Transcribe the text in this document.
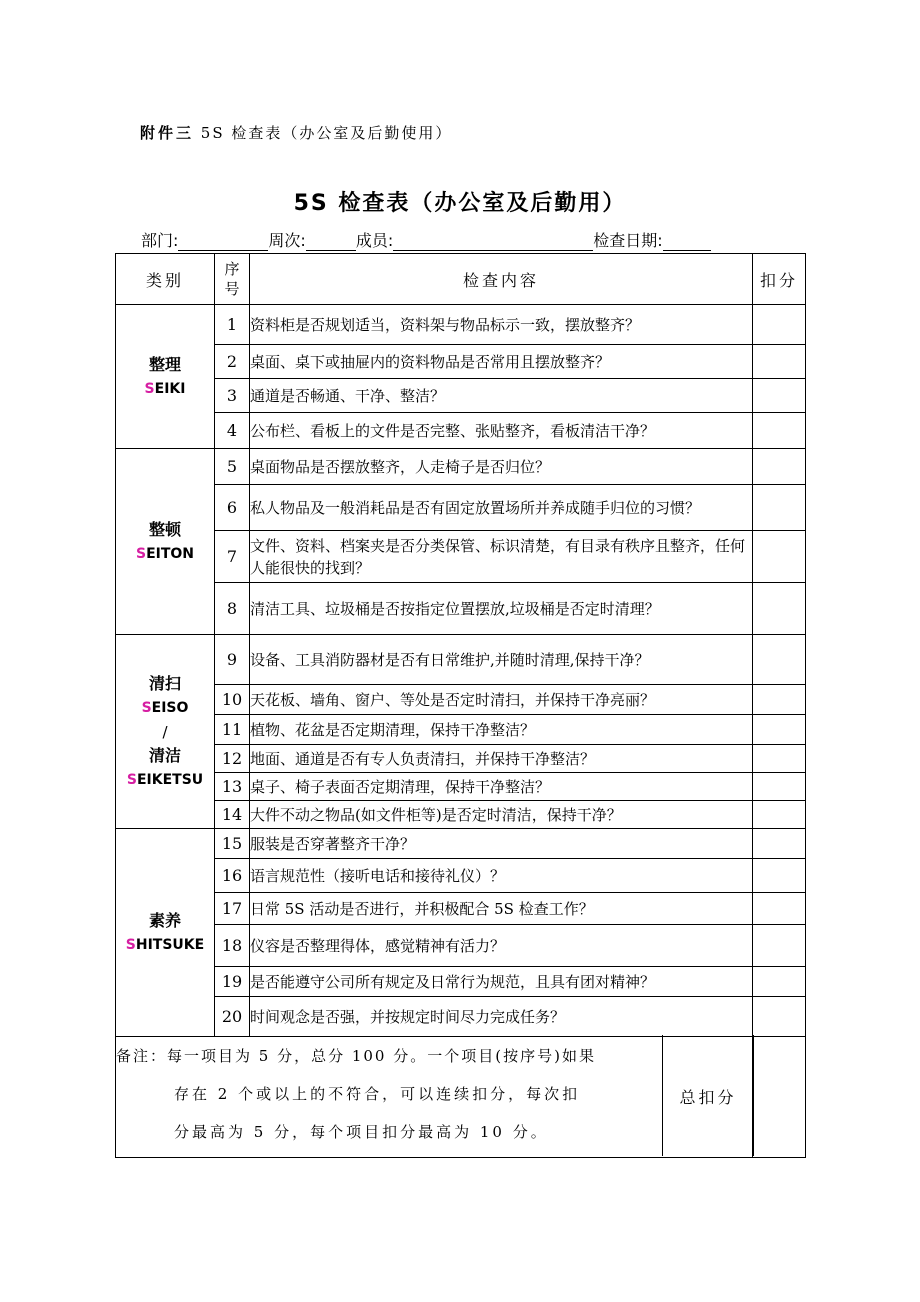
附件三 5S 检查表（办公室及后勤使用）
5S 检查表（办公室及后勤用）
部门:	周次:	成员:	检查日期:
类别	序号	检查内容	扣分

整理
SEIKI	1	资料柜是否规划适当，资料架与物品标示一致，摆放整齐？	
	2	桌面、桌下或抽屉内的资料物品是否常用且摆放整齐？	
	3	通道是否畅通、干净、整洁？	
	4	公布栏、看板上的文件是否完整、张贴整齐，看板清洁干净？	

整顿
SEITON	5	桌面物品是否摆放整齐，人走椅子是否归位？	
	6	私人物品及一般消耗品是否有固定放置场所并养成随手归位的习惯？	
	7	文件、资料、档案夹是否分类保管、标识清楚，有目录有秩序且整齐，任何人能很快的找到？	
	8	清洁工具、垃圾桶是否按指定位置摆放,垃圾桶是否定时清理？	

清扫
SEISO
/
清洁
SEIKETSU	9	设备、工具消防器材是否有日常维护,并随时清理,保持干净？	
	10	天花板、墙角、窗户、等处是否定时清扫，并保持干净亮丽？	
	11	植物、花盆是否定期清理，保持干净整洁？	
	12	地面、通道是否有专人负责清扫，并保持干净整洁？	
	13	桌子、椅子表面否定期清理，保持干净整洁？	
	14	大件不动之物品(如文件柜等)是否定时清洁，保持干净？	

素养
SHITSUKE	15	服装是否穿著整齐干净？	
	16	语言规范性（接听电话和接待礼仪）？	
	17	日常 5S 活动是否进行，并积极配合 5S 检查工作？	
	18	仪容是否整理得体，感觉精神有活力？	
	19	是否能遵守公司所有规定及日常行为规范，且具有团对精神？	
	20	时间观念是否强，并按规定时间尽力完成任务？	
备注：每一项目为 5 分，总分 100 分。一个项目(按序号)如果
存在 2 个或以上的不符合，可以连续扣分，每次扣
分最高为 5 分，每个项目扣分最高为 10 分。			

总扣分
